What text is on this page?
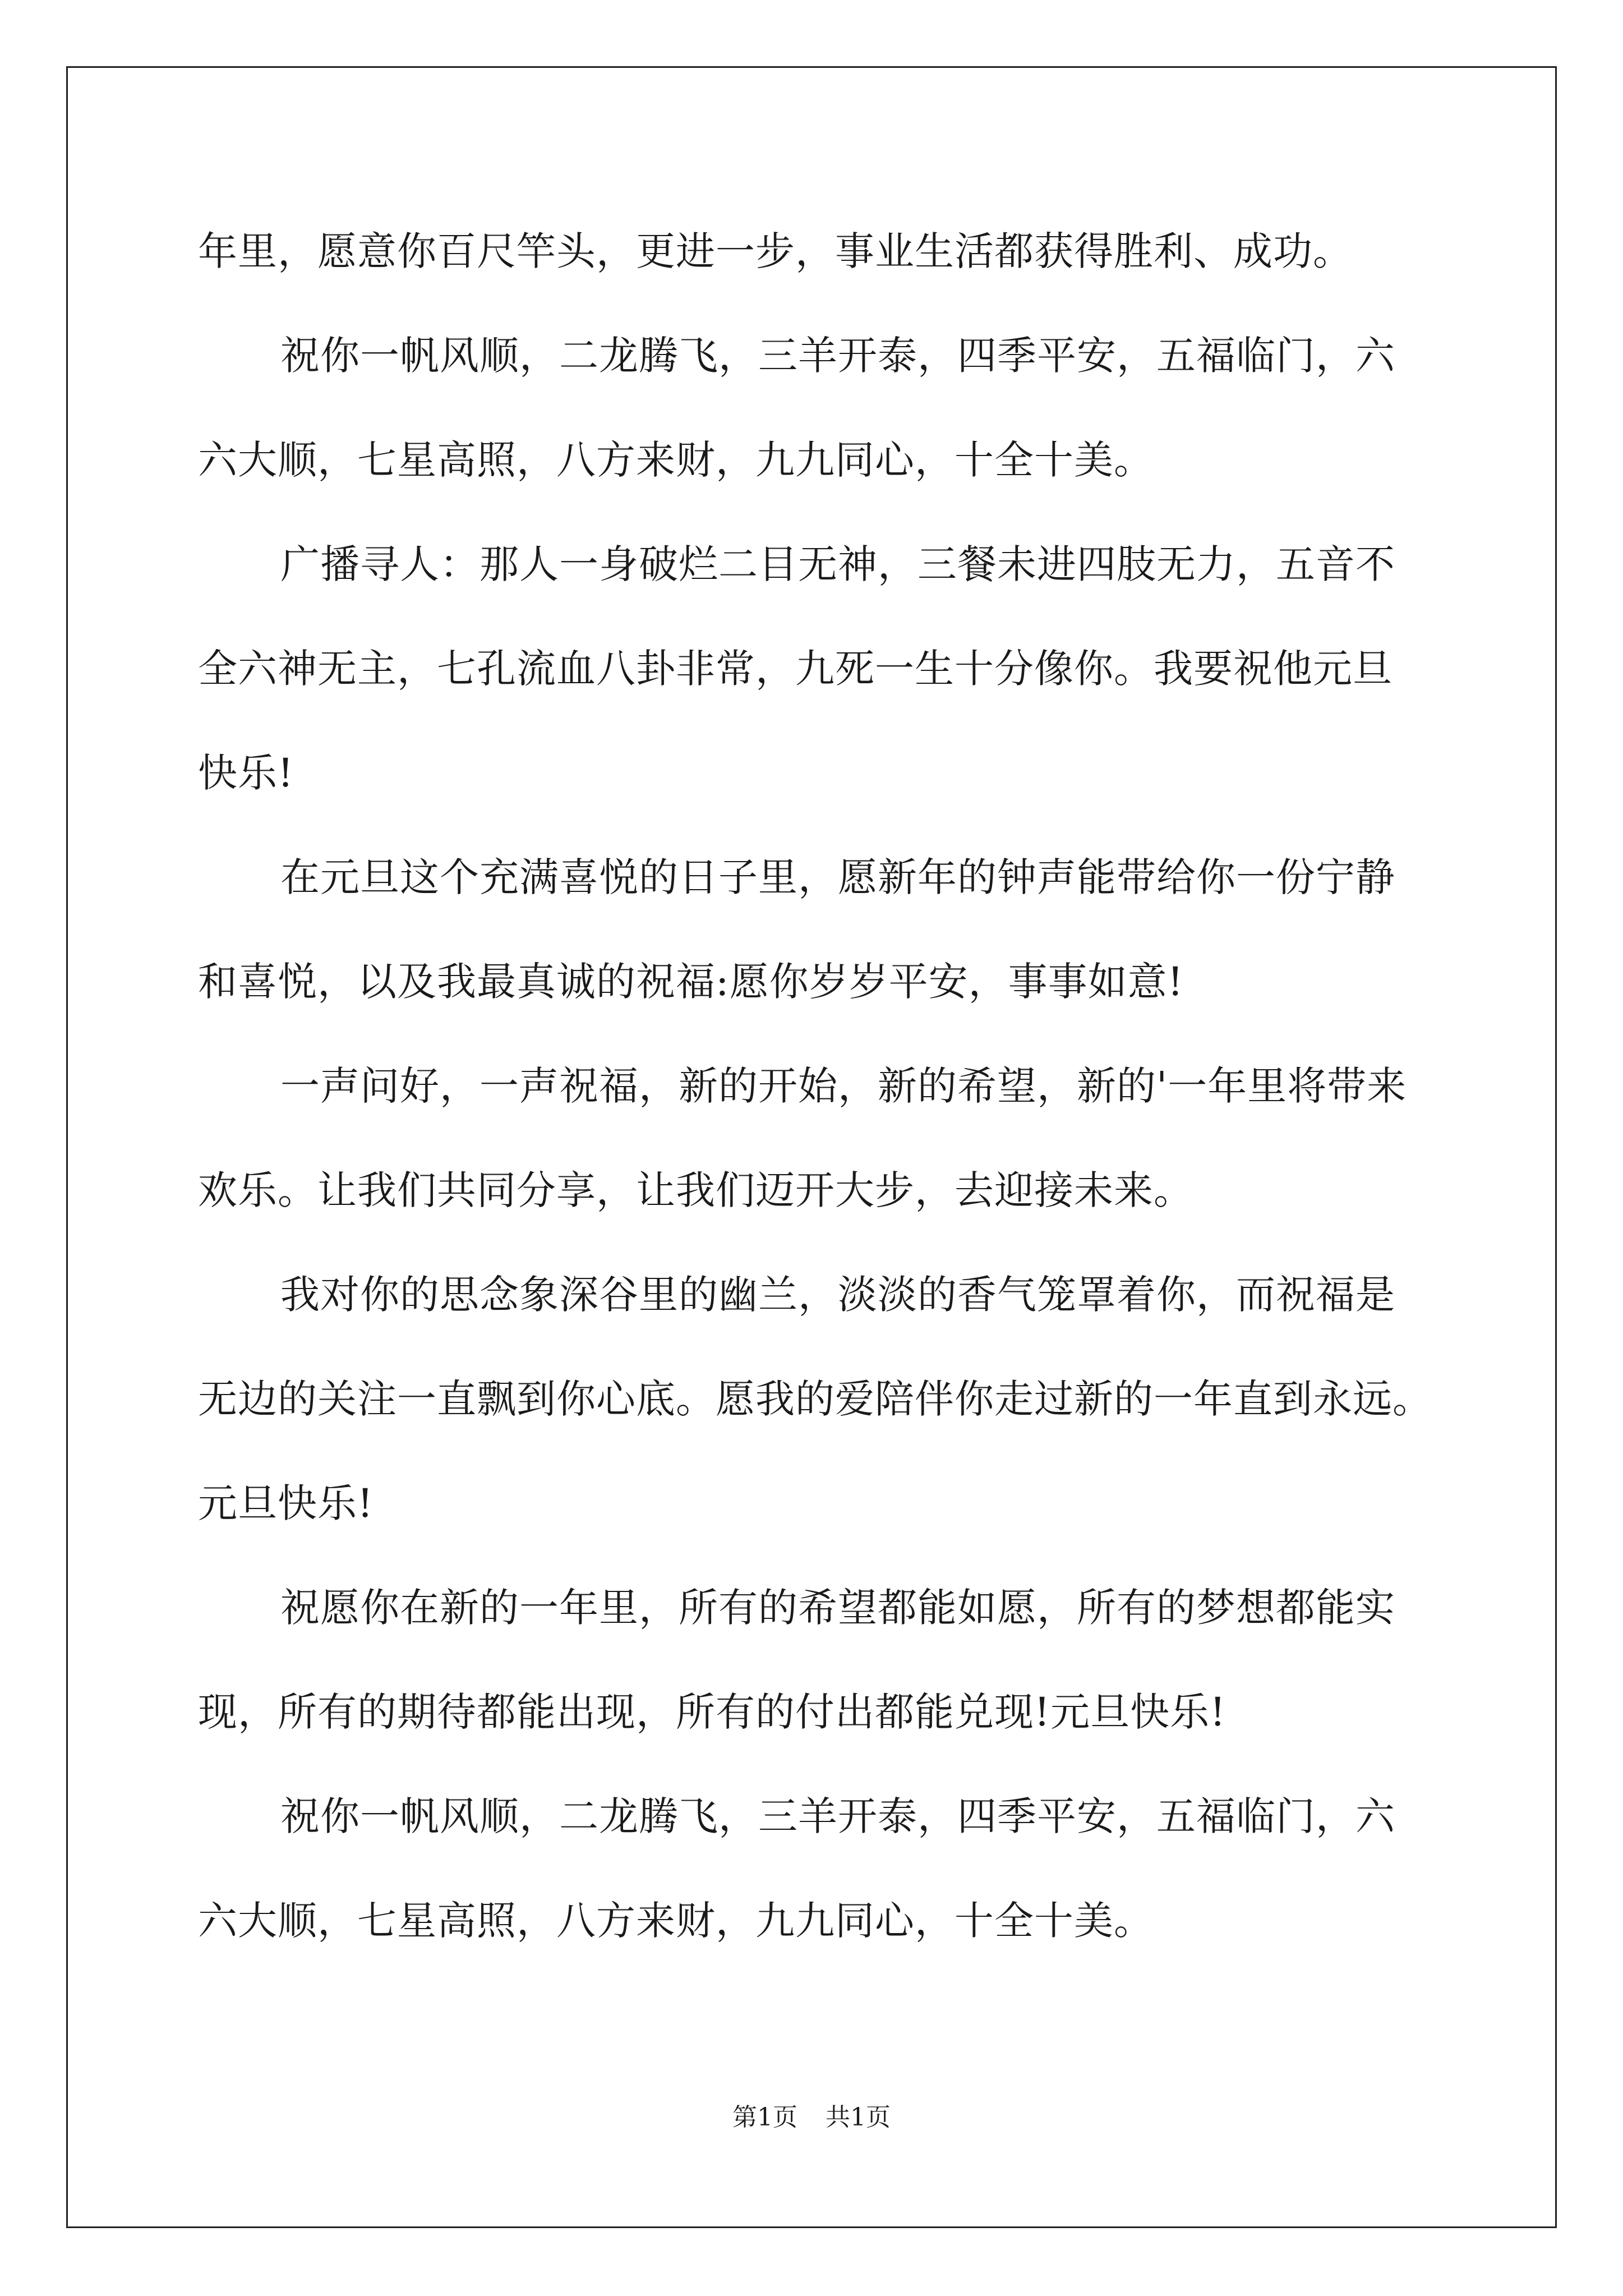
年里，愿意你百尺竿头，更进一步，事业生活都获得胜利、成功。

祝你一帆风顺，二龙腾飞，三羊开泰，四季平安，五福临门，六

六大顺，七星高照，八方来财，九九同心，十全十美。

广播寻人：那人一身破烂二目无神，三餐未进四肢无力，五音不

全六神无主，七孔流血八卦非常，九死一生十分像你。我要祝他元旦

快乐!

在元旦这个充满喜悦的日子里，愿新年的钟声能带给你一份宁静

和喜悦，以及我最真诚的祝福:愿你岁岁平安，事事如意!

一声问好，一声祝福，新的开始，新的希望，新的'一年里将带来

欢乐。让我们共同分享，让我们迈开大步，去迎接未来。

我对你的思念象深谷里的幽兰，淡淡的香气笼罩着你，而祝福是

无边的关注一直飘到你心底。愿我的爱陪伴你走过新的一年直到永远。

元旦快乐!

祝愿你在新的一年里，所有的希望都能如愿，所有的梦想都能实

现，所有的期待都能出现，所有的付出都能兑现!元旦快乐!

祝你一帆风顺，二龙腾飞，三羊开泰，四季平安，五福临门，六

六大顺，七星高照，八方来财，九九同心，十全十美。

第1页 共1页
